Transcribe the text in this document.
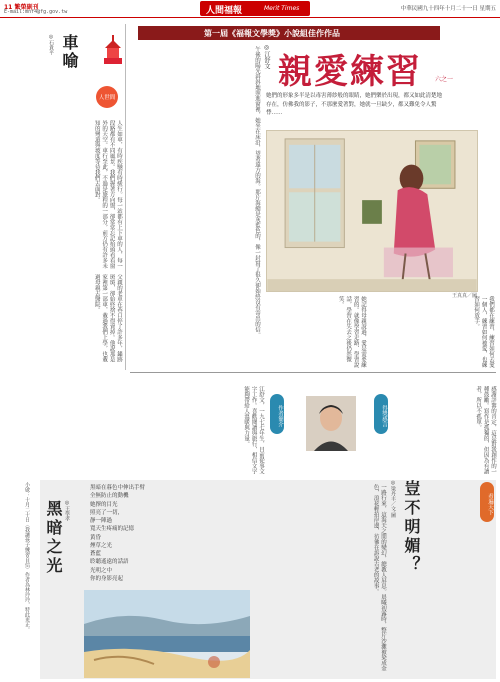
11 繁榮副刊
E-mail:mnf4@fg.gov.tw	人間福報	Merit Times	中華民國九十四年十月二十一日 星期五
車喻
◎石貴平
人世間
人生如車，有時疾馳有時緩行。每一站都有上下車的人，每一段路都有不同風景。我們握著方向盤，卻常常忘記抬頭看看窗外的天空。車行至此，不過是旅程的一部分，前方仍有許多未知的彎道與坡度等待我們去面對。
父親的老車在巷口停了許多年，鏽跡斑斑，卻始終捨不得賣掉。他說那是家裡第一部車，載過我們上學，也載過母親去醫院。
第一屆《福報文學獎》小說組佳作作品
◎江舒文 親愛練習 六之一
她們的形象多半是以毒害薄紗般的眼睛，她們樂於出現，都又如此清楚地存在，仿佛我的影子，不那麼愛著對，她就一旦缺少，都又難免令人驚悸……
午後的陽光斜斜地照進窗裡，她坐在床沿，望著遠方的海。那片海總是灰藍色的，像一封寫了很久卻始終沒有寄出的信。	王真真／圖
她記得母親說過，愛是需要練習的。就像學習走路、學習說話，學習在失去之後仍然微笑。	我們都在練習，練習如何去愛一個人，練習如何被愛，也練習如何放手。
作者簡介	得獎感言
江舒文，一九七七年生，目前從事文字工作。喜歡閱讀與旅行，相信文字能夠帶給人溫暖與力量。	感謝評審的肯定，這是對我創作的一種鼓勵。寫作是孤獨的，但因為有讀者，所以不孤單。
小啟：十月二十日〈我讓孩子練習自信〉作者為林玲玲，特此更正。 黑暗之光 ◎王學孝
黑暗在暮色中伸出手臂
全無防止的動機
她擇的目光
照亮了一切，
靜一陣過
寬天生疼痛的記憶
黃昏
煙草之光
蒼藍
聆聽遙遠的話語
光明之中
你的身影亮起
看遍天下
豈不明媚？
◎梁丹丰／文‧圖
一路行來，這海天之間的變幻，總教人屏息。晨曦初露時，整片沙灘被染成金色，浪花輕拍岸邊，彷彿在訴說古老的故事。
